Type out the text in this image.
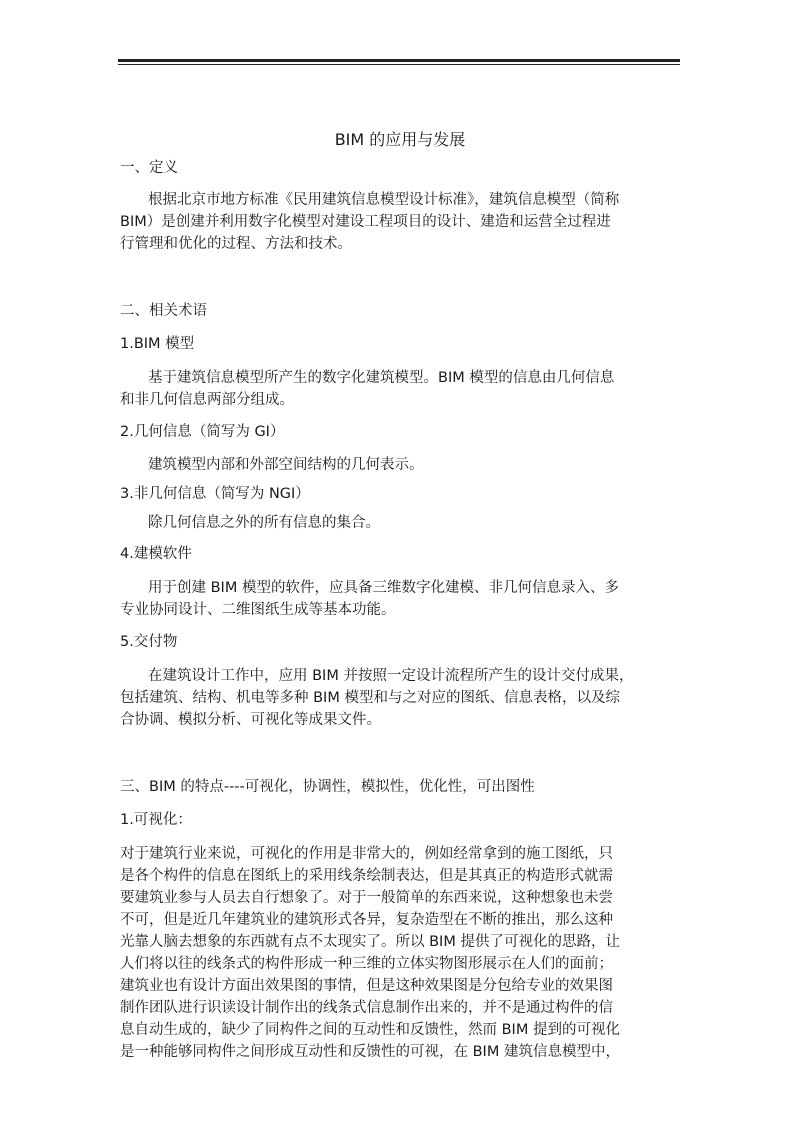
BIM 的应用与发展
一、定义
根据北京市地方标准《民用建筑信息模型设计标准》，建筑信息模型（简称
BIM）是创建并利用数字化模型对建设工程项目的设计、建造和运营全过程进
行管理和优化的过程、方法和技术。
二、相关术语
1.BIM 模型
基于建筑信息模型所产生的数字化建筑模型。BIM 模型的信息由几何信息
和非几何信息两部分组成。
2.几何信息（简写为 GI）
建筑模型内部和外部空间结构的几何表示。
3.非几何信息（简写为 NGI）
除几何信息之外的所有信息的集合。
4.建模软件
用于创建 BIM 模型的软件，应具备三维数字化建模、非几何信息录入、多
专业协同设计、二维图纸生成等基本功能。
5.交付物
在建筑设计工作中，应用 BIM 并按照一定设计流程所产生的设计交付成果，
包括建筑、结构、机电等多种 BIM 模型和与之对应的图纸、信息表格，以及综
合协调、模拟分析、可视化等成果文件。
三、BIM 的特点----可视化，协调性，模拟性，优化性，可出图性
1.可视化：
对于建筑行业来说，可视化的作用是非常大的，例如经常拿到的施工图纸，只
是各个构件的信息在图纸上的采用线条绘制表达，但是其真正的构造形式就需
要建筑业参与人员去自行想象了。对于一般简单的东西来说，这种想象也未尝
不可，但是近几年建筑业的建筑形式各异，复杂造型在不断的推出，那么这种
光靠人脑去想象的东西就有点不太现实了。所以 BIM 提供了可视化的思路，让
人们将以往的线条式的构件形成一种三维的立体实物图形展示在人们的面前；
建筑业也有设计方面出效果图的事情，但是这种效果图是分包给专业的效果图
制作团队进行识读设计制作出的线条式信息制作出来的，并不是通过构件的信
息自动生成的，缺少了同构件之间的互动性和反馈性，然而 BIM 提到的可视化
是一种能够同构件之间形成互动性和反馈性的可视，在 BIM 建筑信息模型中，
